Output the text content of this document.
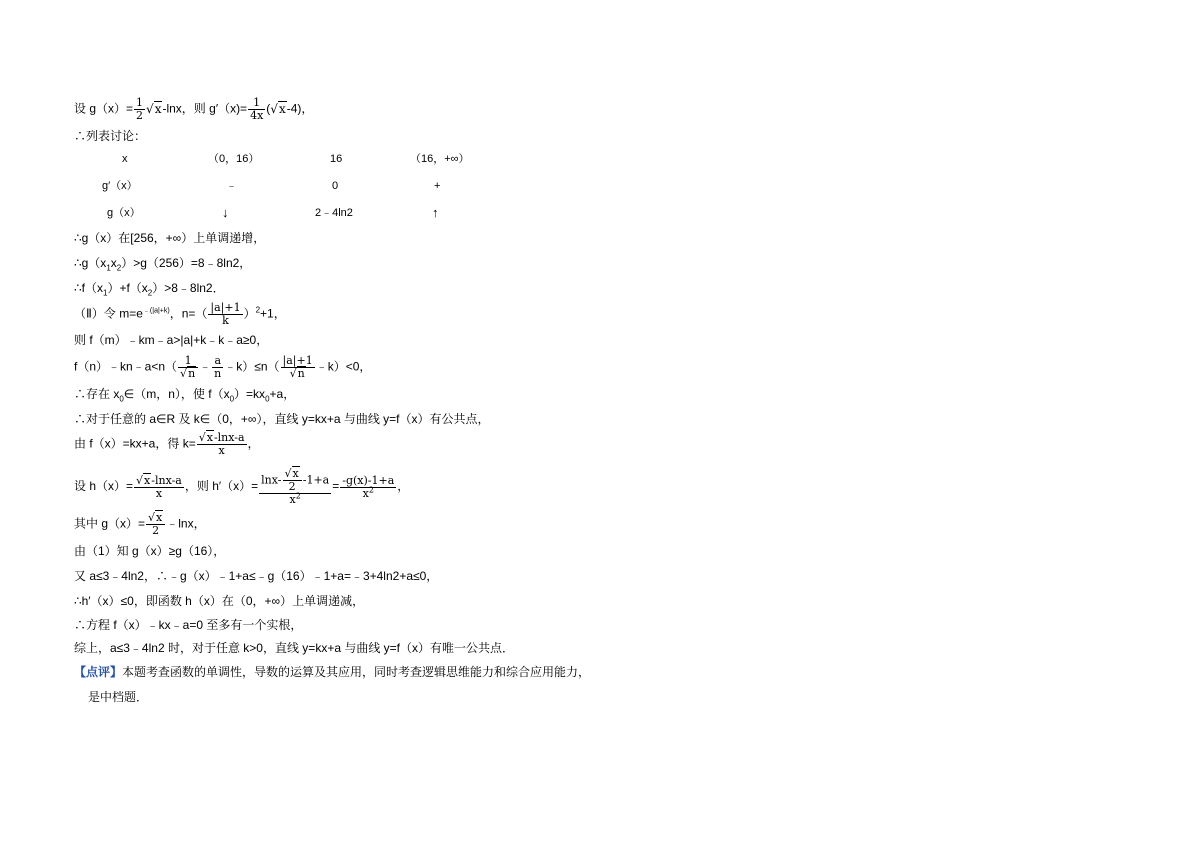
设 $g(x)= \frac{1}{2} √x-\ln x$，则 $g'(x)= \frac{1}{4x} (√x-4)$，
∴列表讨论：
x	（0，16）	16	（16，+∞）
g′（x）	﹣	0	+
g（x）	↓	2﹣4ln2	↑
∴g（x）在[256，+∞）上单调递增，
$\therefore g(x_1x_2)>g(256)=8﹣8\ln 2$，
$\therefore f(x_1)+f(x_2)>8﹣8\ln 2$．
（Ⅱ）令 $m=e^{﹣(|a|+k)}$，$n=( \frac{|a|+1}{k} )^2+1$，
则 f（m）﹣km﹣a>|a|+k﹣k﹣a≥0，
f（n）﹣kn﹣a<n（ $\frac{1}{√n}$ ﹣ $\frac{a}{n}$ ﹣k）≤n（ $\frac{|a|+1}{√n}$ ﹣k）<0，
∴存在 $x_0\in(m$，n），使 $f(x_0)=kx_0+a$，
∴对于任意的 a∈R 及 k∈（0，+∞），直线 y=kx+a 与曲线 y=f（x）有公共点，
由 f（x）=kx+a，得 $k= \frac{√x-\ln x-a}{x}$ ，
设 $h(x)= \frac{√x-\ln x-a}{x}$ ，则 $h'(x)= \frac{\ln x- \frac{√x}{2} -1+a}{x^2} = \frac{-g(x)-1+a}{x^2}$ ，
其中 $g(x)= \frac{√x}{2}$ ﹣lnx，
由（1）知 g（x）≥g（16），
又 a≤3﹣4ln2，∴﹣g（x）﹣1+a≤﹣g（16）﹣1+a=﹣3+4ln2+a≤0，
∴h′（x）≤0，即函数 h（x）在（0，+∞）上单调递减，
∴方程 f（x）﹣kx﹣a=0 至多有一个实根，
综上，a≤3﹣4ln2 时，对于任意 k>0，直线 y=kx+a 与曲线 y=f（x）有唯一公共点．
【点评】本题考查函数的单调性，导数的运算及其应用，同时考查逻辑思维能力和综合应用能力，
是中档题．
